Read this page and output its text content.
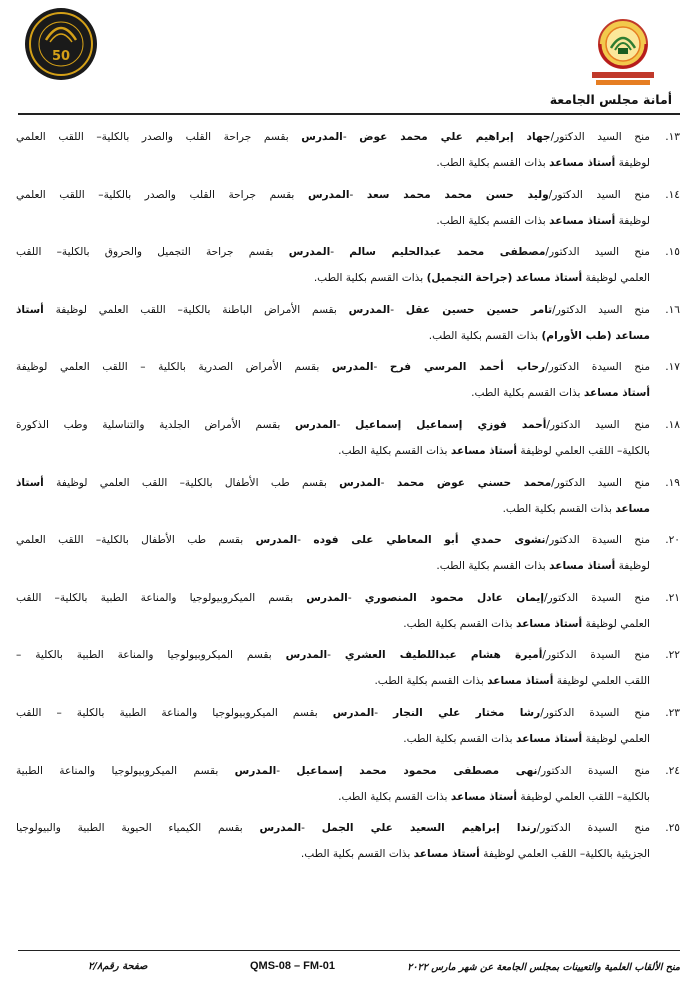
50
أمانة مجلس الجامعة
١٣.
منح السيد الدكتور/جهاد إبراهيم علي محمد عوض -المدرس بقسم جراحة القلب والصدر بالكلية– اللقب العلمي
لوظيفة أستاذ مساعد بذات القسم بكلية الطب.
١٤.
منح السيد الدكتور/وليد حسن محمد محمد سعد -المدرس بقسم جراحة القلب والصدر بالكلية– اللقب العلمي
لوظيفة أستاذ مساعد بذات القسم بكلية الطب.
١٥.
منح السيد الدكتور/مصطفى محمد عبدالحليم سالم -المدرس بقسم جراحة التجميل والحروق بالكلية– اللقب
العلمي لوظيفة أستاذ مساعد (جراحة التجميل) بذات القسم بكلية الطب.
١٦.
منح السيد الدكتور/تامر حسين حسين عقل -المدرس بقسم الأمراض الباطنة بالكلية– اللقب العلمي لوظيفة أستاذ
مساعد (طب الأورام) بذات القسم بكلية الطب.
١٧.
منح السيدة الدكتور/رحاب أحمد المرسي فرح -المدرس بقسم الأمراض الصدرية بالكلية – اللقب العلمي لوظيفة
أستاذ مساعد بذات القسم بكلية الطب.
١٨.
منح السيد الدكتور/أحمد فوزي إسماعيل إسماعيل -المدرس بقسم الأمراض الجلدية والتناسلية وطب الذكورة
بالكلية– اللقب العلمي لوظيفة أستاذ مساعد بذات القسم بكلية الطب.
١٩.
منح السيد الدكتور/محمد حسني عوض محمد -المدرس بقسم طب الأطفال بالكلية– اللقب العلمي لوظيفة أستاذ
مساعد بذات القسم بكلية الطب.
٢٠.
منح السيدة الدكتور/نشوى حمدي أبو المعاطي على فوده -المدرس بقسم طب الأطفال بالكلية– اللقب العلمي
لوظيفة أستاذ مساعد بذات القسم بكلية الطب.
٢١.
منح السيدة الدكتور/إيمان عادل محمود المنصوري -المدرس بقسم الميكروبيولوجيا والمناعة الطبية بالكلية– اللقب
العلمي لوظيفة أستاذ مساعد بذات القسم بكلية الطب.
٢٢.
منح السيدة الدكتور/أميرة هشام عبداللطيف العشري -المدرس بقسم الميكروبيولوجيا والمناعة الطبية بالكلية –
اللقب العلمي لوظيفة أستاذ مساعد بذات القسم بكلية الطب.
٢٣.
منح السيدة الدكتور/رشا مختار علي النجار -المدرس بقسم الميكروبيولوجيا والمناعة الطبية بالكلية – اللقب
العلمي لوظيفة أستاذ مساعد بذات القسم بكلية الطب.
٢٤.
منح السيدة الدكتور/نهى مصطفى محمود محمد إسماعيل -المدرس بقسم الميكروبيولوجيا والمناعة الطبية
بالكلية– اللقب العلمي لوظيفة أستاذ مساعد بذات القسم بكلية الطب.
٢٥.
منح السيدة الدكتور/رندا إبراهيم السعيد علي الجمل -المدرس بقسم الكيمياء الحيوية الطبية والبيولوجيا
الجزيئية بالكلية– اللقب العلمي لوظيفة أستاذ مساعد بذات القسم بكلية الطب.
منح الألقاب العلمية والتعيينات بمجلس الجامعة عن شهر مارس ٢٠٢٢
QMS-08 – FM-01
صفحة رقم٢/٨
